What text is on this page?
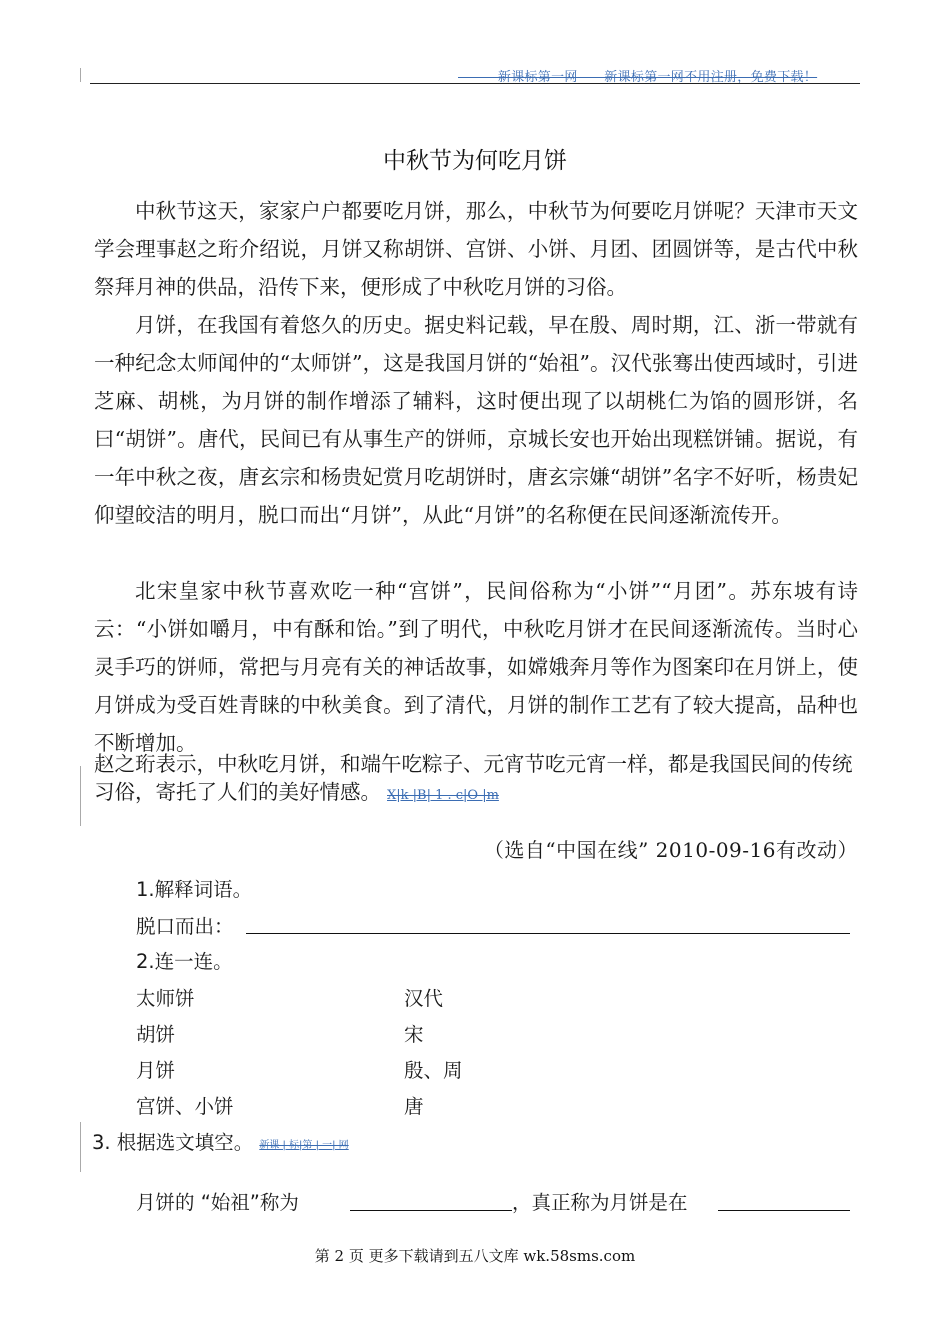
———新课标第一网——新课标第一网不用注册，免费下载！
中秋节为何吃月饼

中秋节这天，家家户户都要吃月饼，那么，中秋节为何要吃月饼呢？天津市天文学会理事赵之珩介绍说，月饼又称胡饼、宫饼、小饼、月团、团圆饼等，是古代中秋祭拜月神的供品，沿传下来，便形成了中秋吃月饼的习俗。

月饼，在我国有着悠久的历史。据史料记载，早在殷、周时期，江、浙一带就有一种纪念太师闻仲的“太师饼”，这是我国月饼的“始祖”。汉代张骞出使西域时，引进芝麻、胡桃，为月饼的制作增添了辅料，这时便出现了以胡桃仁为馅的圆形饼，名曰“胡饼”。唐代，民间已有从事生产的饼师，京城长安也开始出现糕饼铺。据说，有一年中秋之夜，唐玄宗和杨贵妃赏月吃胡饼时，唐玄宗嫌“胡饼”名字不好听，杨贵妃仰望皎洁的明月，脱口而出“月饼”，从此“月饼”的名称便在民间逐渐流传开。

北宋皇家中秋节喜欢吃一种“宫饼”，民间俗称为“小饼”“月团”。苏东坡有诗云：“小饼如嚼月，中有酥和饴。”到了明代，中秋吃月饼才在民间逐渐流传。当时心灵手巧的饼师，常把与月亮有关的神话故事，如嫦娥奔月等作为图案印在月饼上，使月饼成为受百姓青睐的中秋美食。到了清代，月饼的制作工艺有了较大提高，品种也不断增加。

赵之珩表示，中秋吃月饼，和端午吃粽子、元宵节吃元宵一样，都是我国民间的传统习俗，寄托了人们的美好情感。 X|k |B| 1 . c|O |m

（选自“中国在线” 2010-09-16有改动）
1.解释词语。
脱口而出：
2.连一连。
太师饼
胡饼
月饼
宫饼、小饼
汉代
宋
殷、周
唐
3. 根据选文填空。 新课 | 标|第 | 一| 网
月饼的 “始祖”称为	，真正称为月饼是在
第 2 页 更多下载请到五八文库 wk.58sms.com
